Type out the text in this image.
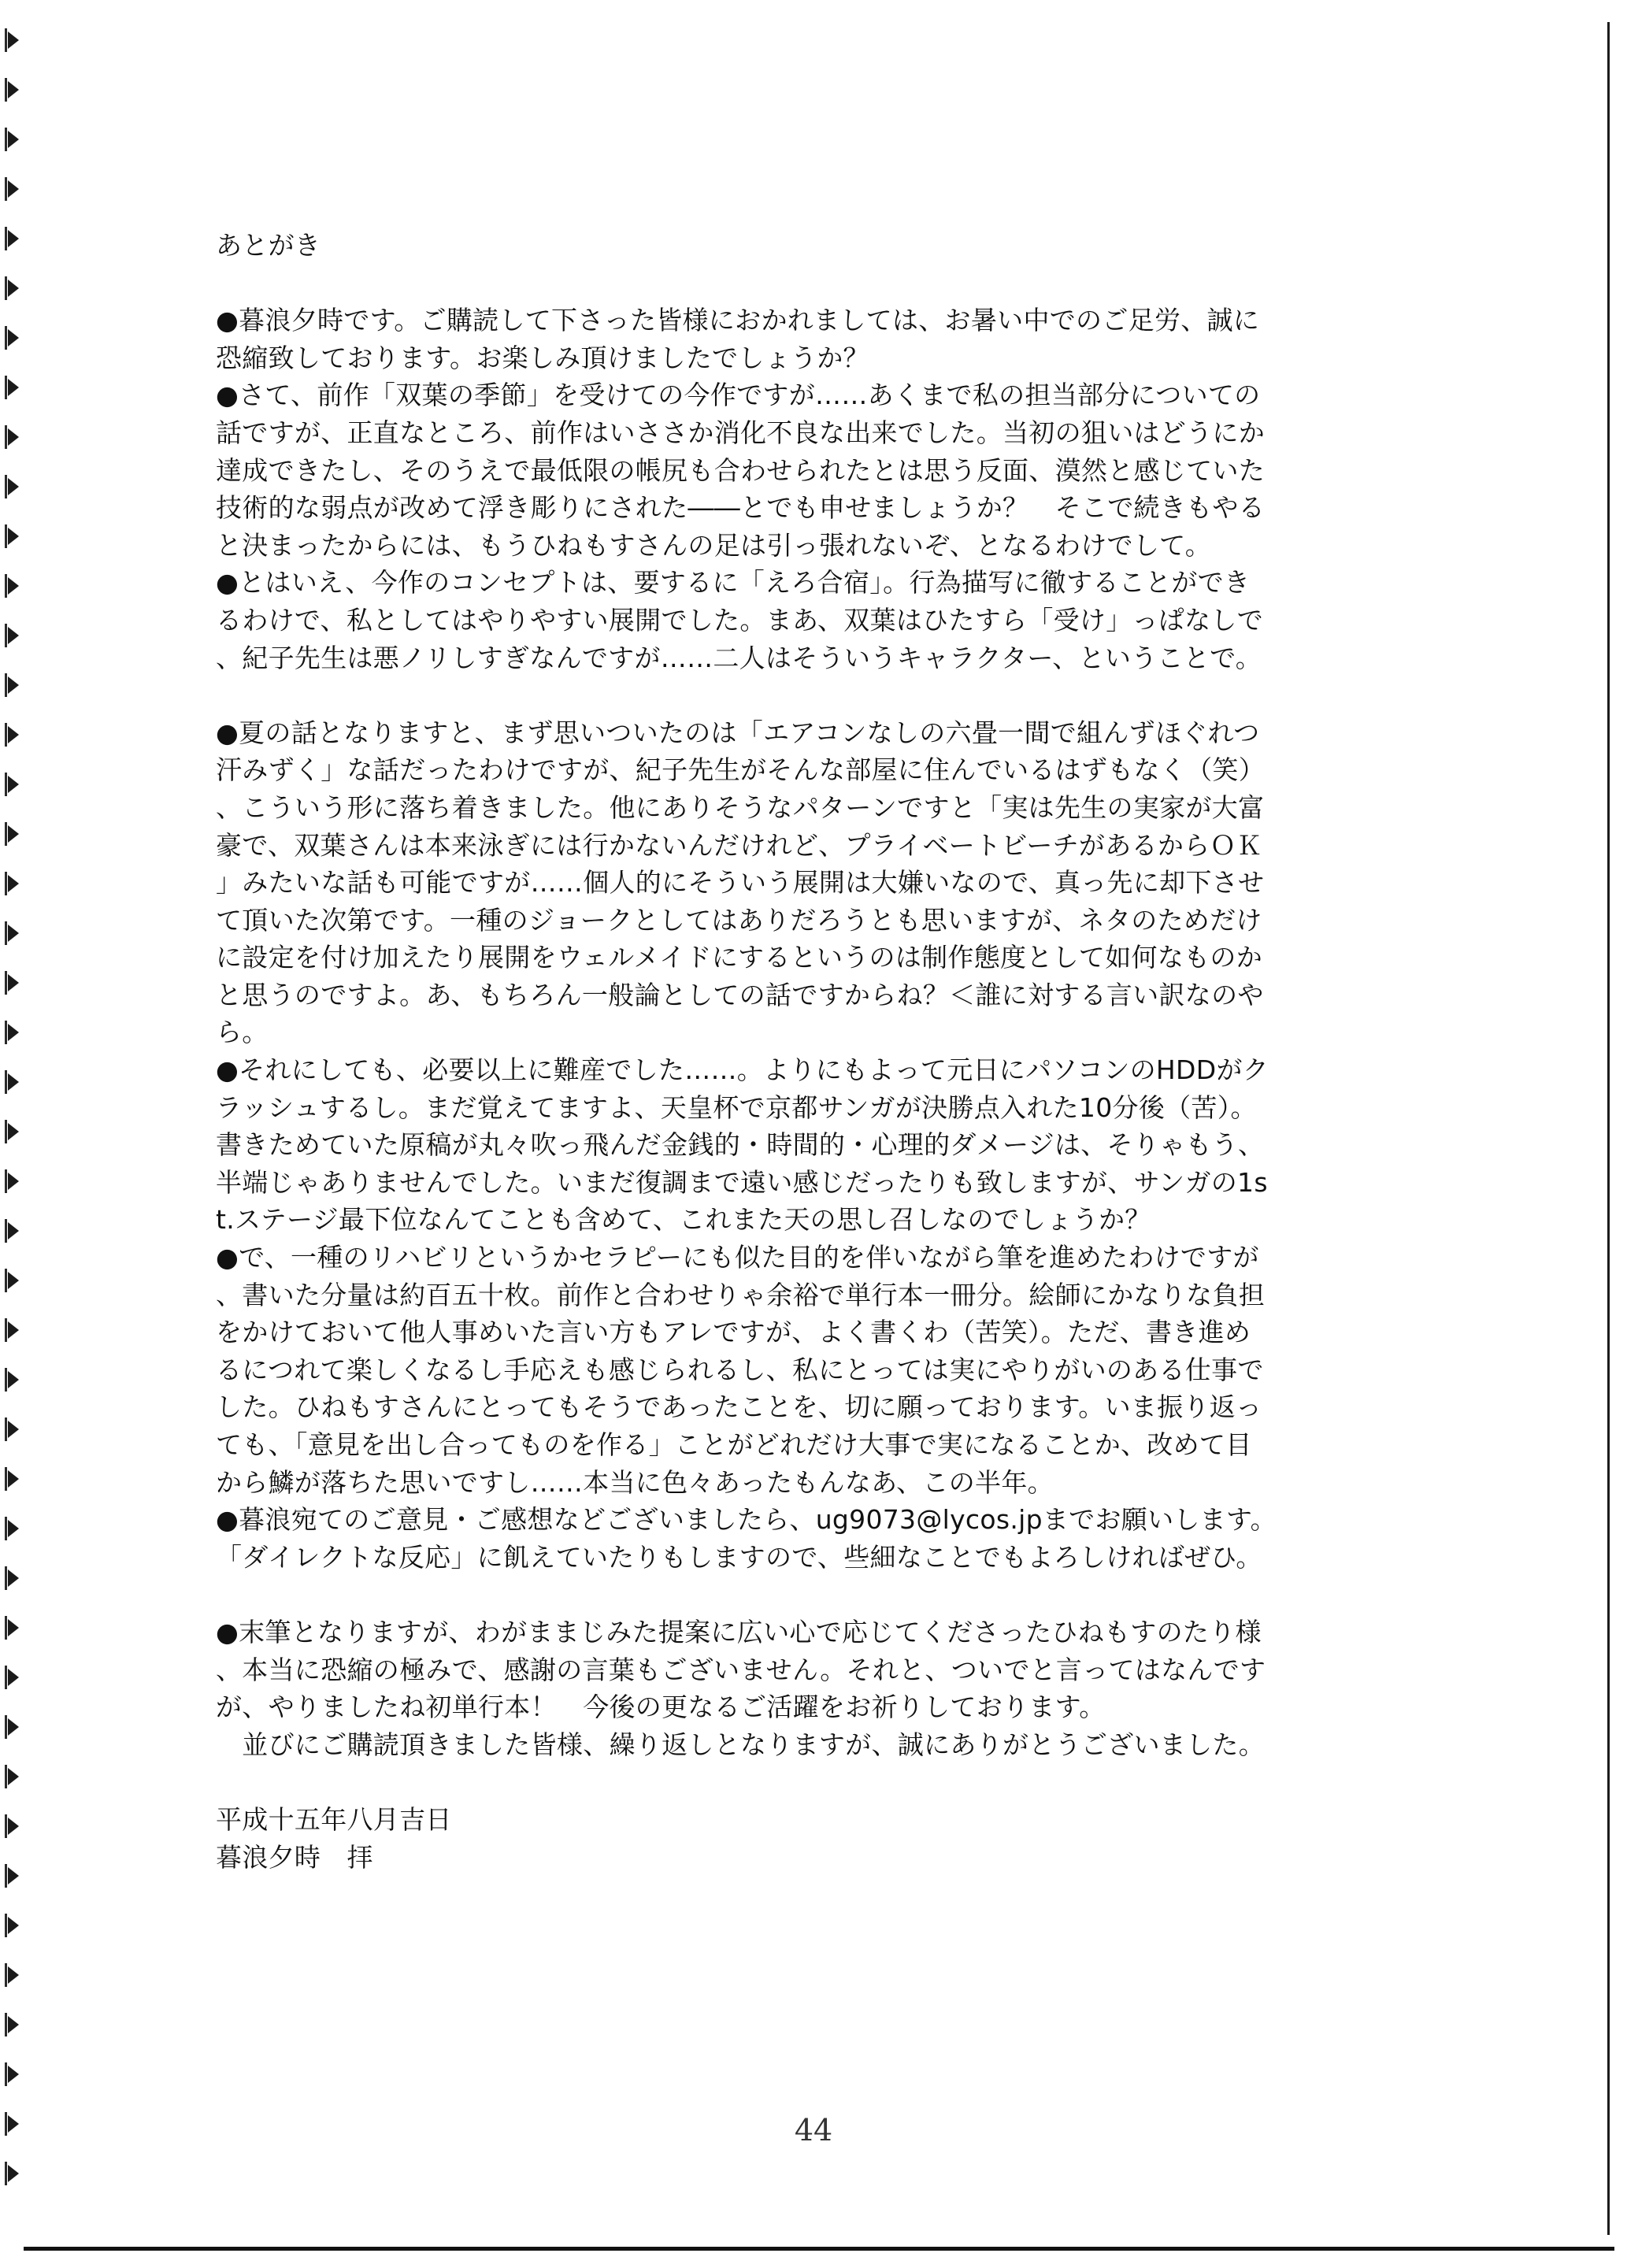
あとがき
●暮浪夕時です。ご購読して下さった皆様におかれましては、お暑い中でのご足労、誠に
恐縮致しております。お楽しみ頂けましたでしょうか？
●さて、前作「双葉の季節」を受けての今作ですが……あくまで私の担当部分についての
話ですが、正直なところ、前作はいささか消化不良な出来でした。当初の狙いはどうにか
達成できたし、そのうえで最低限の帳尻も合わせられたとは思う反面、漠然と感じていた
技術的な弱点が改めて浮き彫りにされた――とでも申せましょうか？　そこで続きもやる
と決まったからには、もうひねもすさんの足は引っ張れないぞ、となるわけでして。
●とはいえ、今作のコンセプトは、要するに「えろ合宿」。行為描写に徹することができ
るわけで、私としてはやりやすい展開でした。まあ、双葉はひたすら「受け」っぱなしで
、紀子先生は悪ノリしすぎなんですが……二人はそういうキャラクター、ということで。
●夏の話となりますと、まず思いついたのは「エアコンなしの六畳一間で組んずほぐれつ
汗みずく」な話だったわけですが、紀子先生がそんな部屋に住んでいるはずもなく（笑）
、こういう形に落ち着きました。他にありそうなパターンですと「実は先生の実家が大富
豪で、双葉さんは本来泳ぎには行かないんだけれど、プライベートビーチがあるからＯＫ
」みたいな話も可能ですが……個人的にそういう展開は大嫌いなので、真っ先に却下させ
て頂いた次第です。一種のジョークとしてはありだろうとも思いますが、ネタのためだけ
に設定を付け加えたり展開をウェルメイドにするというのは制作態度として如何なものか
と思うのですよ。あ、もちろん一般論としての話ですからね？＜誰に対する言い訳なのや
ら。
●それにしても、必要以上に難産でした……。よりにもよって元日にパソコンのHDDがク
ラッシュするし。まだ覚えてますよ、天皇杯で京都サンガが決勝点入れた10分後（苦）。
書きためていた原稿が丸々吹っ飛んだ金銭的・時間的・心理的ダメージは、そりゃもう、
半端じゃありませんでした。いまだ復調まで遠い感じだったりも致しますが、サンガの1s
t.ステージ最下位なんてことも含めて、これまた天の思し召しなのでしょうか？
●で、一種のリハビリというかセラピーにも似た目的を伴いながら筆を進めたわけですが
、書いた分量は約百五十枚。前作と合わせりゃ余裕で単行本一冊分。絵師にかなりな負担
をかけておいて他人事めいた言い方もアレですが、よく書くわ（苦笑）。ただ、書き進め
るにつれて楽しくなるし手応えも感じられるし、私にとっては実にやりがいのある仕事で
した。ひねもすさんにとってもそうであったことを、切に願っております。いま振り返っ
ても、「意見を出し合ってものを作る」ことがどれだけ大事で実になることか、改めて目
から鱗が落ちた思いですし……本当に色々あったもんなあ、この半年。
●暮浪宛てのご意見・ご感想などございましたら、ug9073@lycos.jpまでお願いします。
「ダイレクトな反応」に飢えていたりもしますので、些細なことでもよろしければぜひ。
●末筆となりますが、わがままじみた提案に広い心で応じてくださったひねもすのたり様
、本当に恐縮の極みで、感謝の言葉もございません。それと、ついでと言ってはなんです
が、やりましたね初単行本！　今後の更なるご活躍をお祈りしております。
　並びにご購読頂きました皆様、繰り返しとなりますが、誠にありがとうございました。
平成十五年八月吉日
暮浪夕時　拝
44
